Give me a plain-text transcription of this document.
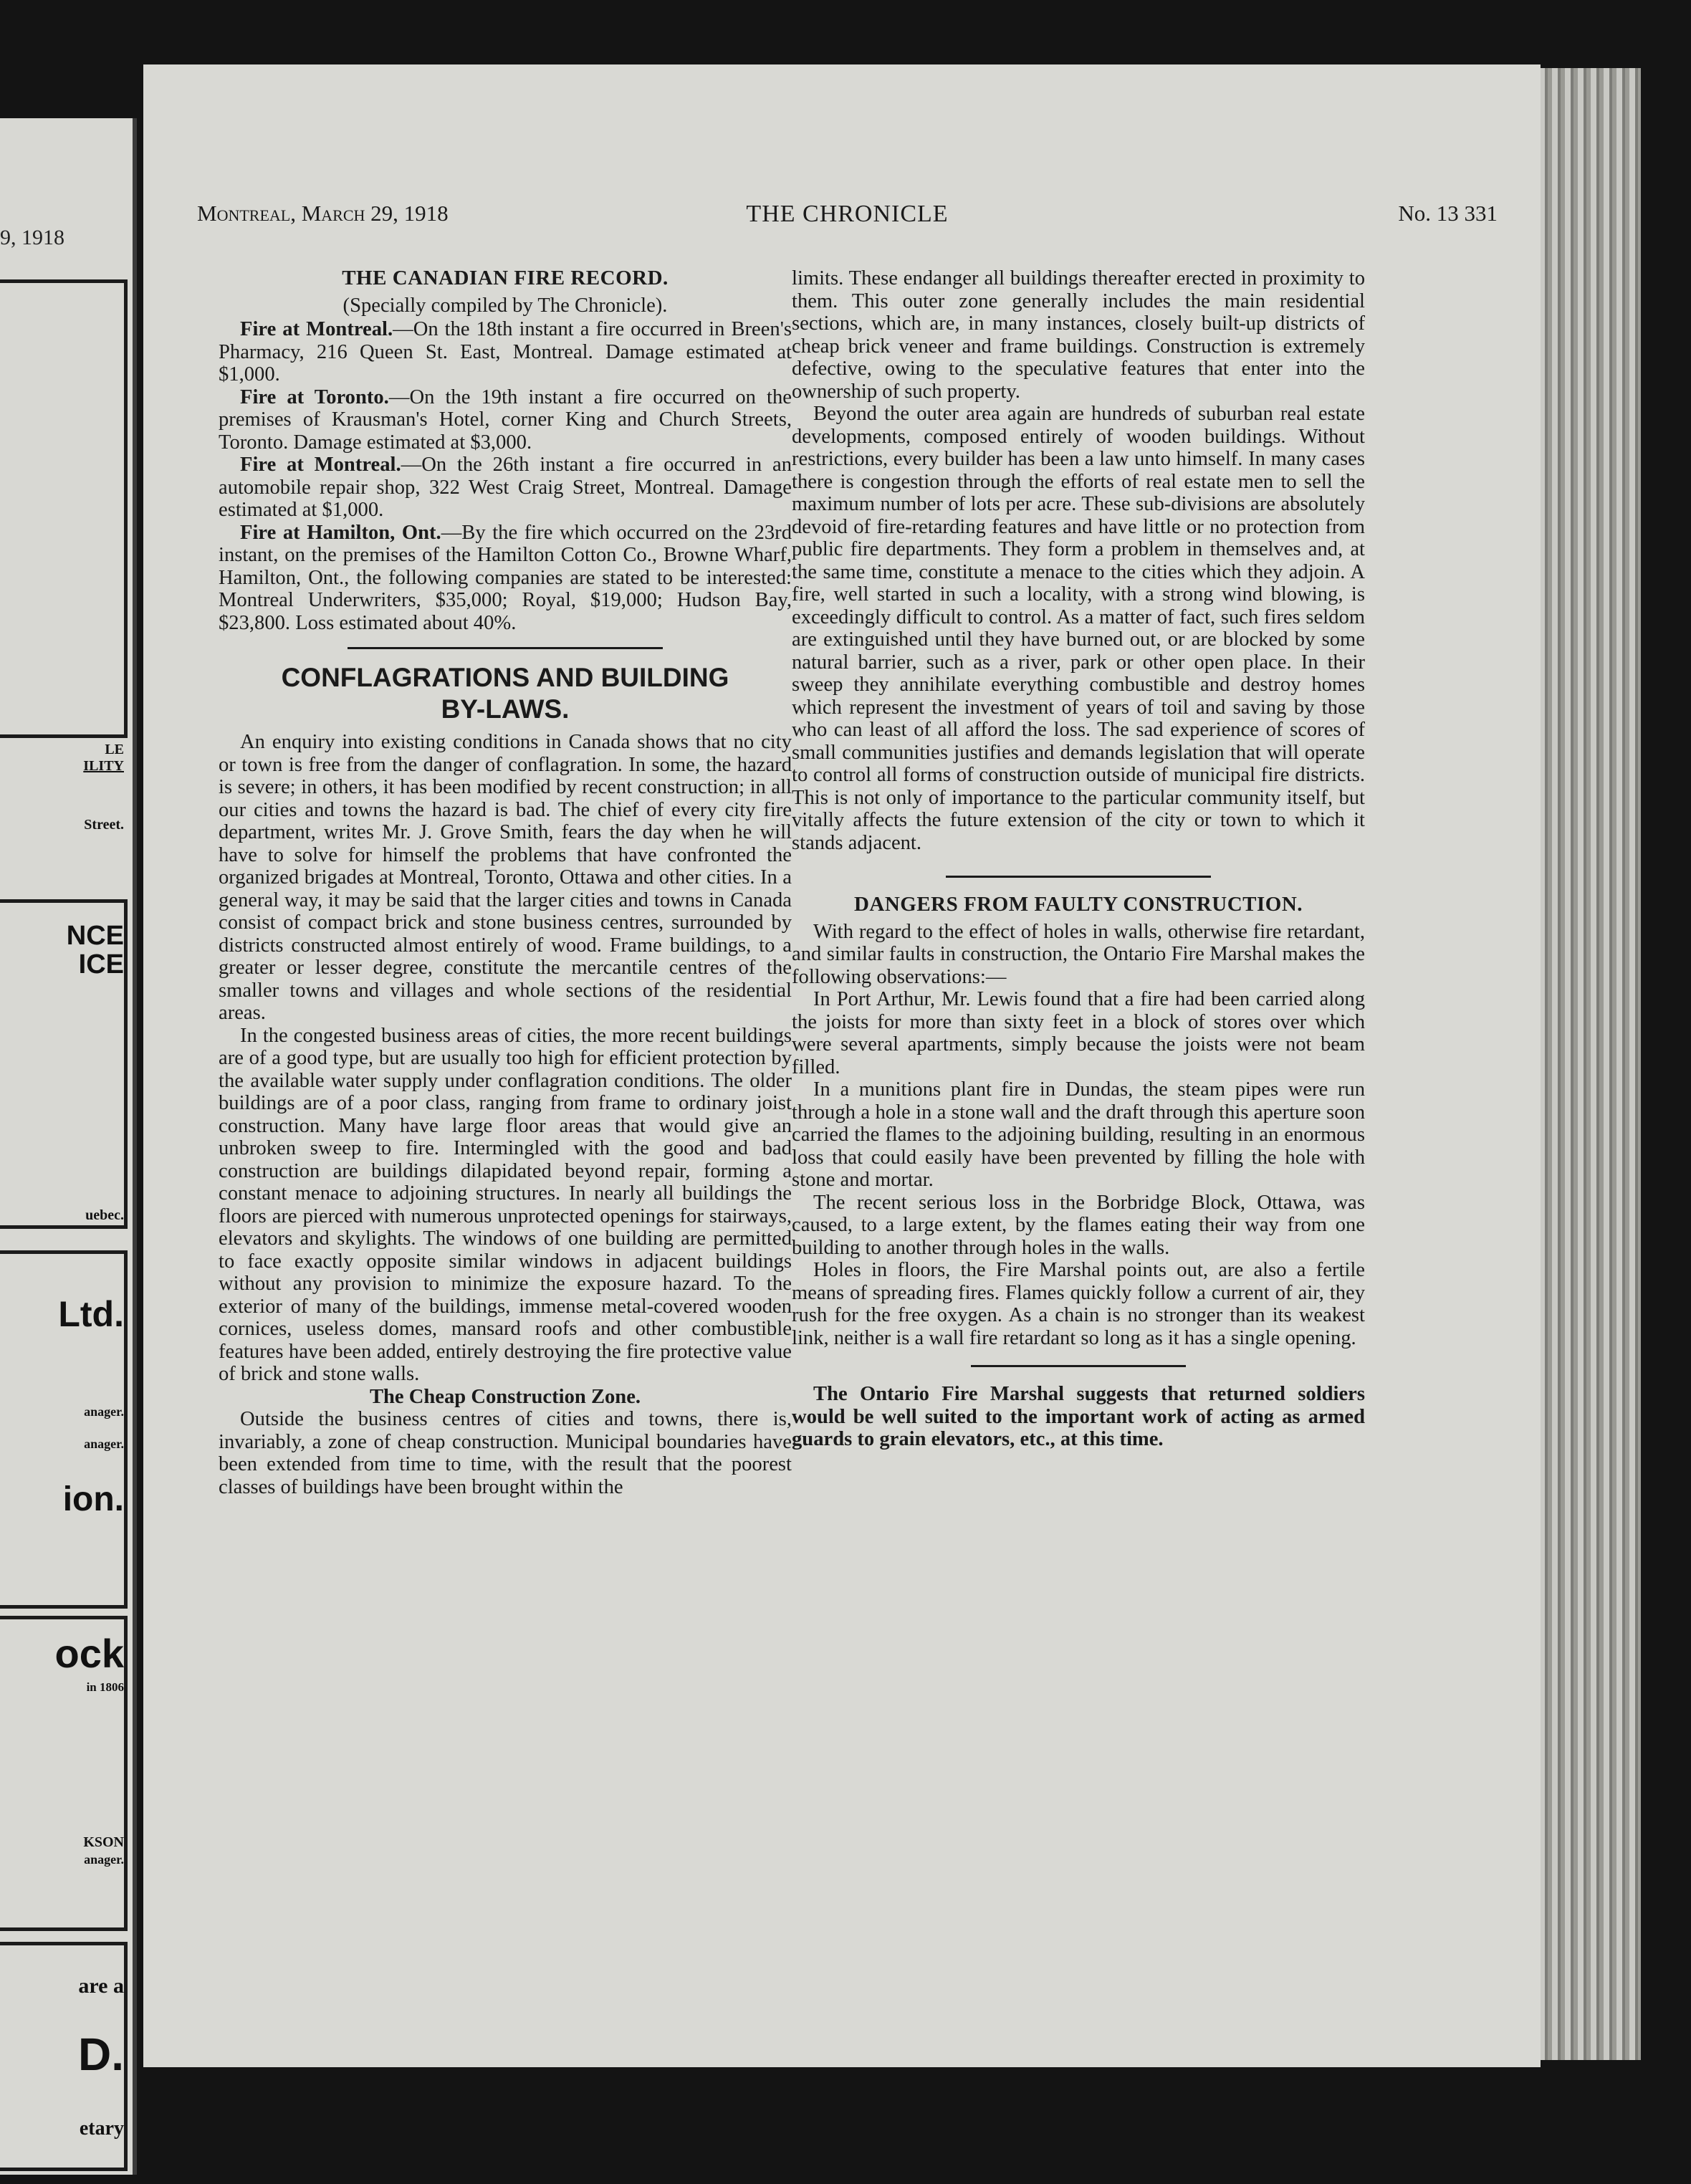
9, 1918
LE
ILITY
Street.
NCE
ICE
uebec.
Ltd.
anager.
anager.
ion.
ock
in 1806
KSON
anager.
are a
D.
etary
Montreal, March 29, 1918	THE CHRONICLE	No. 13 331
THE CANADIAN FIRE RECORD.
(Specially compiled by The Chronicle).

Fire at Montreal.—On the 18th instant a fire occurred in Breen's Pharmacy, 216 Queen St. East, Montreal. Damage estimated at $1,000.

Fire at Toronto.—On the 19th instant a fire occurred on the premises of Krausman's Hotel, corner King and Church Streets, Toronto. Damage estimated at $3,000.

Fire at Montreal.—On the 26th instant a fire occurred in an automobile repair shop, 322 West Craig Street, Montreal. Damage estimated at $1,000.

Fire at Hamilton, Ont.—By the fire which occurred on the 23rd instant, on the premises of the Hamilton Cotton Co., Browne Wharf, Hamilton, Ont., the following companies are stated to be interested: Montreal Underwriters, $35,000; Royal, $19,000; Hudson Bay, $23,800. Loss estimated about 40%.

CONFLAGRATIONS AND BUILDING
BY-LAWS.

An enquiry into existing conditions in Canada shows that no city or town is free from the danger of conflagration. In some, the hazard is severe; in others, it has been modified by recent construction; in all our cities and towns the hazard is bad. The chief of every city fire department, writes Mr. J. Grove Smith, fears the day when he will have to solve for himself the problems that have confronted the organized brigades at Montreal, Toronto, Ottawa and other cities. In a general way, it may be said that the larger cities and towns in Canada consist of compact brick and stone business centres, surrounded by districts constructed almost entirely of wood. Frame buildings, to a greater or lesser degree, constitute the mercantile centres of the smaller towns and villages and whole sections of the residential areas.

In the congested business areas of cities, the more recent buildings are of a good type, but are usually too high for efficient protection by the available water supply under conflagration conditions. The older buildings are of a poor class, ranging from frame to ordinary joist construction. Many have large floor areas that would give an unbroken sweep to fire. Intermingled with the good and bad construction are buildings dilapidated beyond repair, forming a constant menace to adjoining structures. In nearly all buildings the floors are pierced with numerous unprotected openings for stairways, elevators and skylights. The windows of one building are permitted to face exactly opposite similar windows in adjacent buildings without any provision to minimize the exposure hazard. To the exterior of many of the buildings, immense metal-covered wooden cornices, useless domes, mansard roofs and other combustible features have been added, entirely destroying the fire protective value of brick and stone walls.

The Cheap Construction Zone.

Outside the business centres of cities and towns, there is, invariably, a zone of cheap construction. Municipal boundaries have been extended from time to time, with the result that the poorest classes of buildings have been brought within the

limits. These endanger all buildings thereafter erected in proximity to them. This outer zone generally includes the main residential sections, which are, in many instances, closely built-up districts of cheap brick veneer and frame buildings. Construction is extremely defective, owing to the speculative features that enter into the ownership of such property.

Beyond the outer area again are hundreds of suburban real estate developments, composed entirely of wooden buildings. Without restrictions, every builder has been a law unto himself. In many cases there is congestion through the efforts of real estate men to sell the maximum number of lots per acre. These sub-divisions are absolutely devoid of fire-retarding features and have little or no protection from public fire departments. They form a problem in themselves and, at the same time, constitute a menace to the cities which they adjoin. A fire, well started in such a locality, with a strong wind blowing, is exceedingly difficult to control. As a matter of fact, such fires seldom are extinguished until they have burned out, or are blocked by some natural barrier, such as a river, park or other open place. In their sweep they annihilate everything combustible and destroy homes which represent the investment of years of toil and saving by those who can least of all afford the loss. The sad experience of scores of small communities justifies and demands legislation that will operate to control all forms of construction outside of municipal fire districts. This is not only of importance to the particular community itself, but vitally affects the future extension of the city or town to which it stands adjacent.

DANGERS FROM FAULTY CONSTRUCTION.

With regard to the effect of holes in walls, otherwise fire retardant, and similar faults in construction, the Ontario Fire Marshal makes the following observations:—

In Port Arthur, Mr. Lewis found that a fire had been carried along the joists for more than sixty feet in a block of stores over which were several apartments, simply because the joists were not beam filled.

In a munitions plant fire in Dundas, the steam pipes were run through a hole in a stone wall and the draft through this aperture soon carried the flames to the adjoining building, resulting in an enormous loss that could easily have been prevented by filling the hole with stone and mortar.

The recent serious loss in the Borbridge Block, Ottawa, was caused, to a large extent, by the flames eating their way from one building to another through holes in the walls.

Holes in floors, the Fire Marshal points out, are also a fertile means of spreading fires. Flames quickly follow a current of air, they rush for the free oxygen. As a chain is no stronger than its weakest link, neither is a wall fire retardant so long as it has a single opening.

The Ontario Fire Marshal suggests that returned soldiers would be well suited to the important work of acting as armed guards to grain elevators, etc., at this time.
